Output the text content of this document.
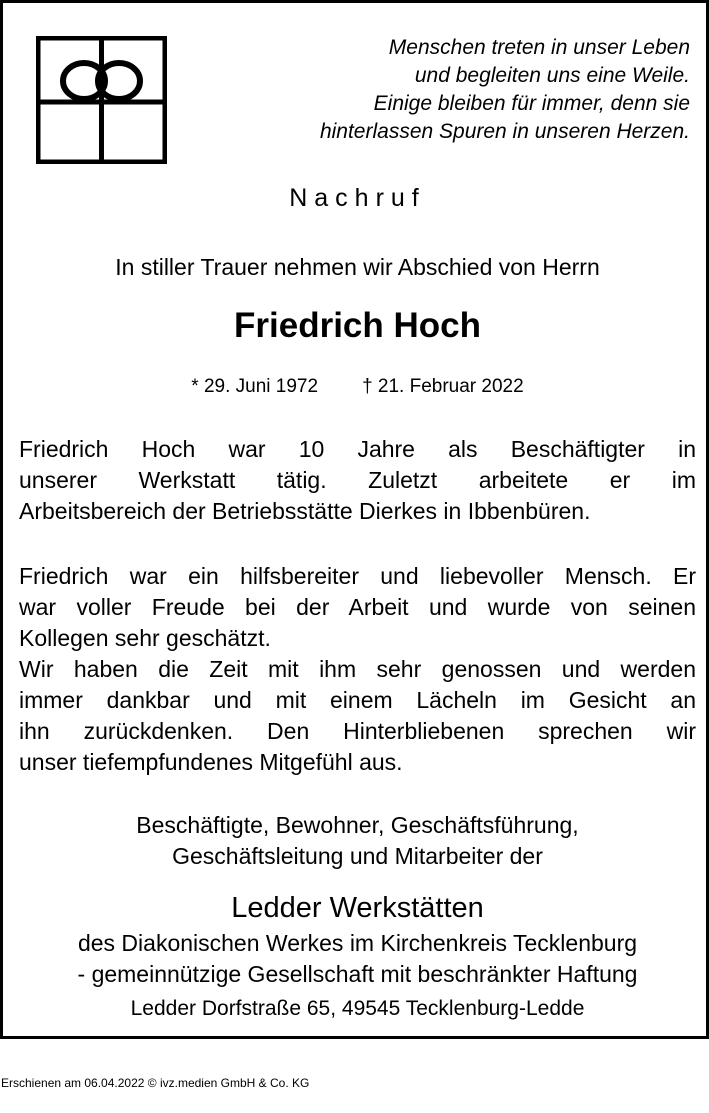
Menschen treten in unser Leben
und begleiten uns eine Weile.
Einige bleiben für immer, denn sie
hinterlassen Spuren in unseren Herzen.
Nachruf
In stiller Trauer nehmen wir Abschied von Herrn
Friedrich Hoch
* 29. Juni 1972 † 21. Februar 2022
Friedrich Hoch war 10 Jahre als Beschäftigter in
unserer Werkstatt tätig. Zuletzt arbeitete er im
Arbeitsbereich der Betriebsstätte Dierkes in Ibbenbüren.
Friedrich war ein hilfsbereiter und liebevoller Mensch. Er
war voller Freude bei der Arbeit und wurde von seinen
Kollegen sehr geschätzt.
Wir haben die Zeit mit ihm sehr genossen und werden
immer dankbar und mit einem Lächeln im Gesicht an
ihn zurückdenken. Den Hinterbliebenen sprechen wir
unser tiefempfundenes Mitgefühl aus.
Beschäftigte, Bewohner, Geschäftsführung,
Geschäftsleitung und Mitarbeiter der
Ledder Werkstätten
des Diakonischen Werkes im Kirchenkreis Tecklenburg
- gemeinnützige Gesellschaft mit beschränkter Haftung
Ledder Dorfstraße 65, 49545 Tecklenburg-Ledde
Erschienen am 06.04.2022 © ivz.medien GmbH & Co. KG
